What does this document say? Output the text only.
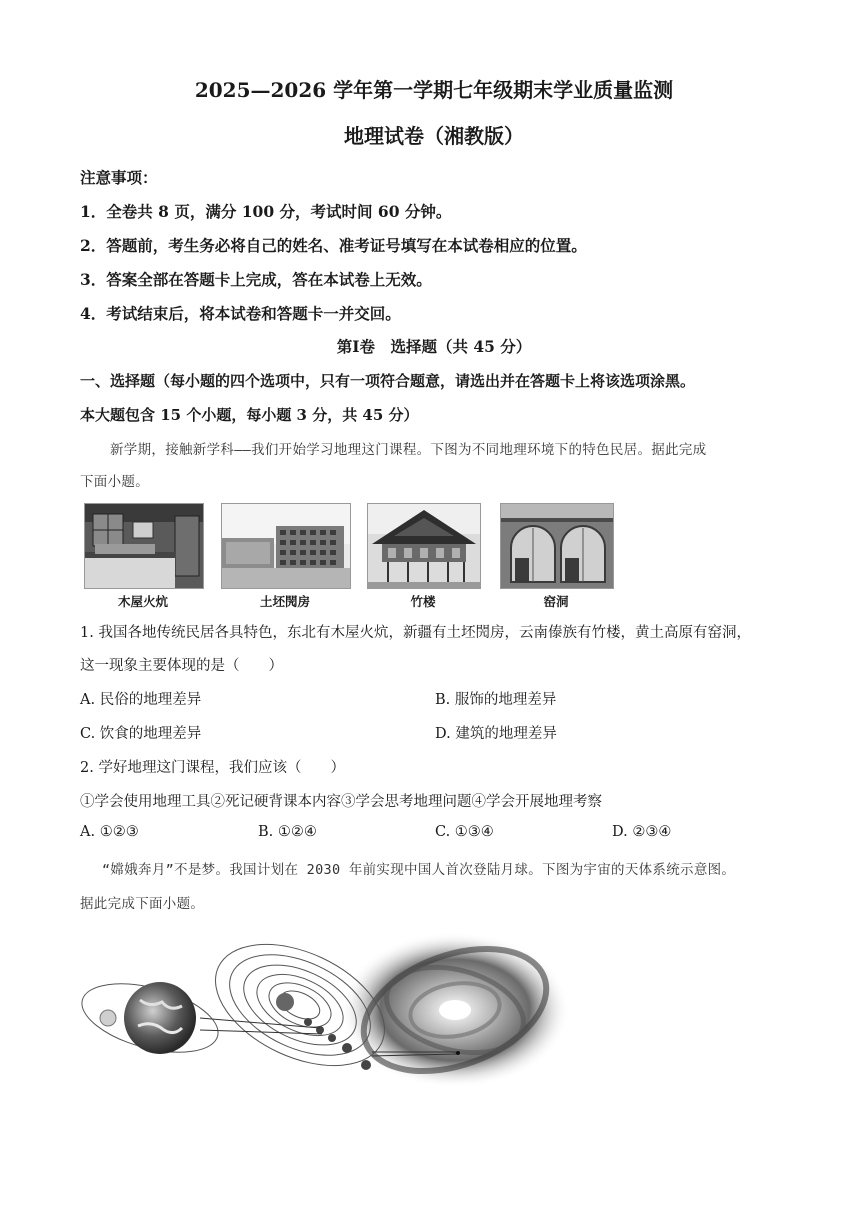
2025—2026 学年第一学期七年级期末学业质量监测
地理试卷（湘教版）
注意事项：
1．全卷共 8 页，满分 100 分，考试时间 60 分钟。
2．答题前，考生务必将自己的姓名、准考证号填写在本试卷相应的位置。
3．答案全部在答题卡上完成，答在本试卷上无效。
4．考试结束后，将本试卷和答题卡一并交回。
第Ⅰ卷　选择题（共 45 分）
一、选择题（每小题的四个选项中，只有一项符合题意，请选出并在答题卡上将该选项涂黑。
本大题包含 15 个小题，每小题 3 分，共 45 分）
新学期，接触新学科——我们开始学习地理这门课程。下图为不同地理环境下的特色民居。据此完成
下面小题。
木屋火炕	土坯閌房	竹楼	窑洞
1. 我国各地传统民居各具特色，东北有木屋火炕，新疆有土坯閌房，云南傣族有竹楼，黄土高原有窑洞，
这一现象主要体现的是（　　）
A. 民俗的地理差异	B. 服饰的地理差异
C. 饮食的地理差异	D. 建筑的地理差异
2. 学好地理这门课程，我们应该（　　）
①学会使用地理工具②死记硬背课本内容③学会思考地理问题④学会开展地理考察
A. ①②③	B. ①②④	C. ①③④	D. ②③④
“嫦娥奔月”不是梦。我国计划在 2030 年前实现中国人首次登陆月球。下图为宇宙的天体系统示意图。
据此完成下面小题。
